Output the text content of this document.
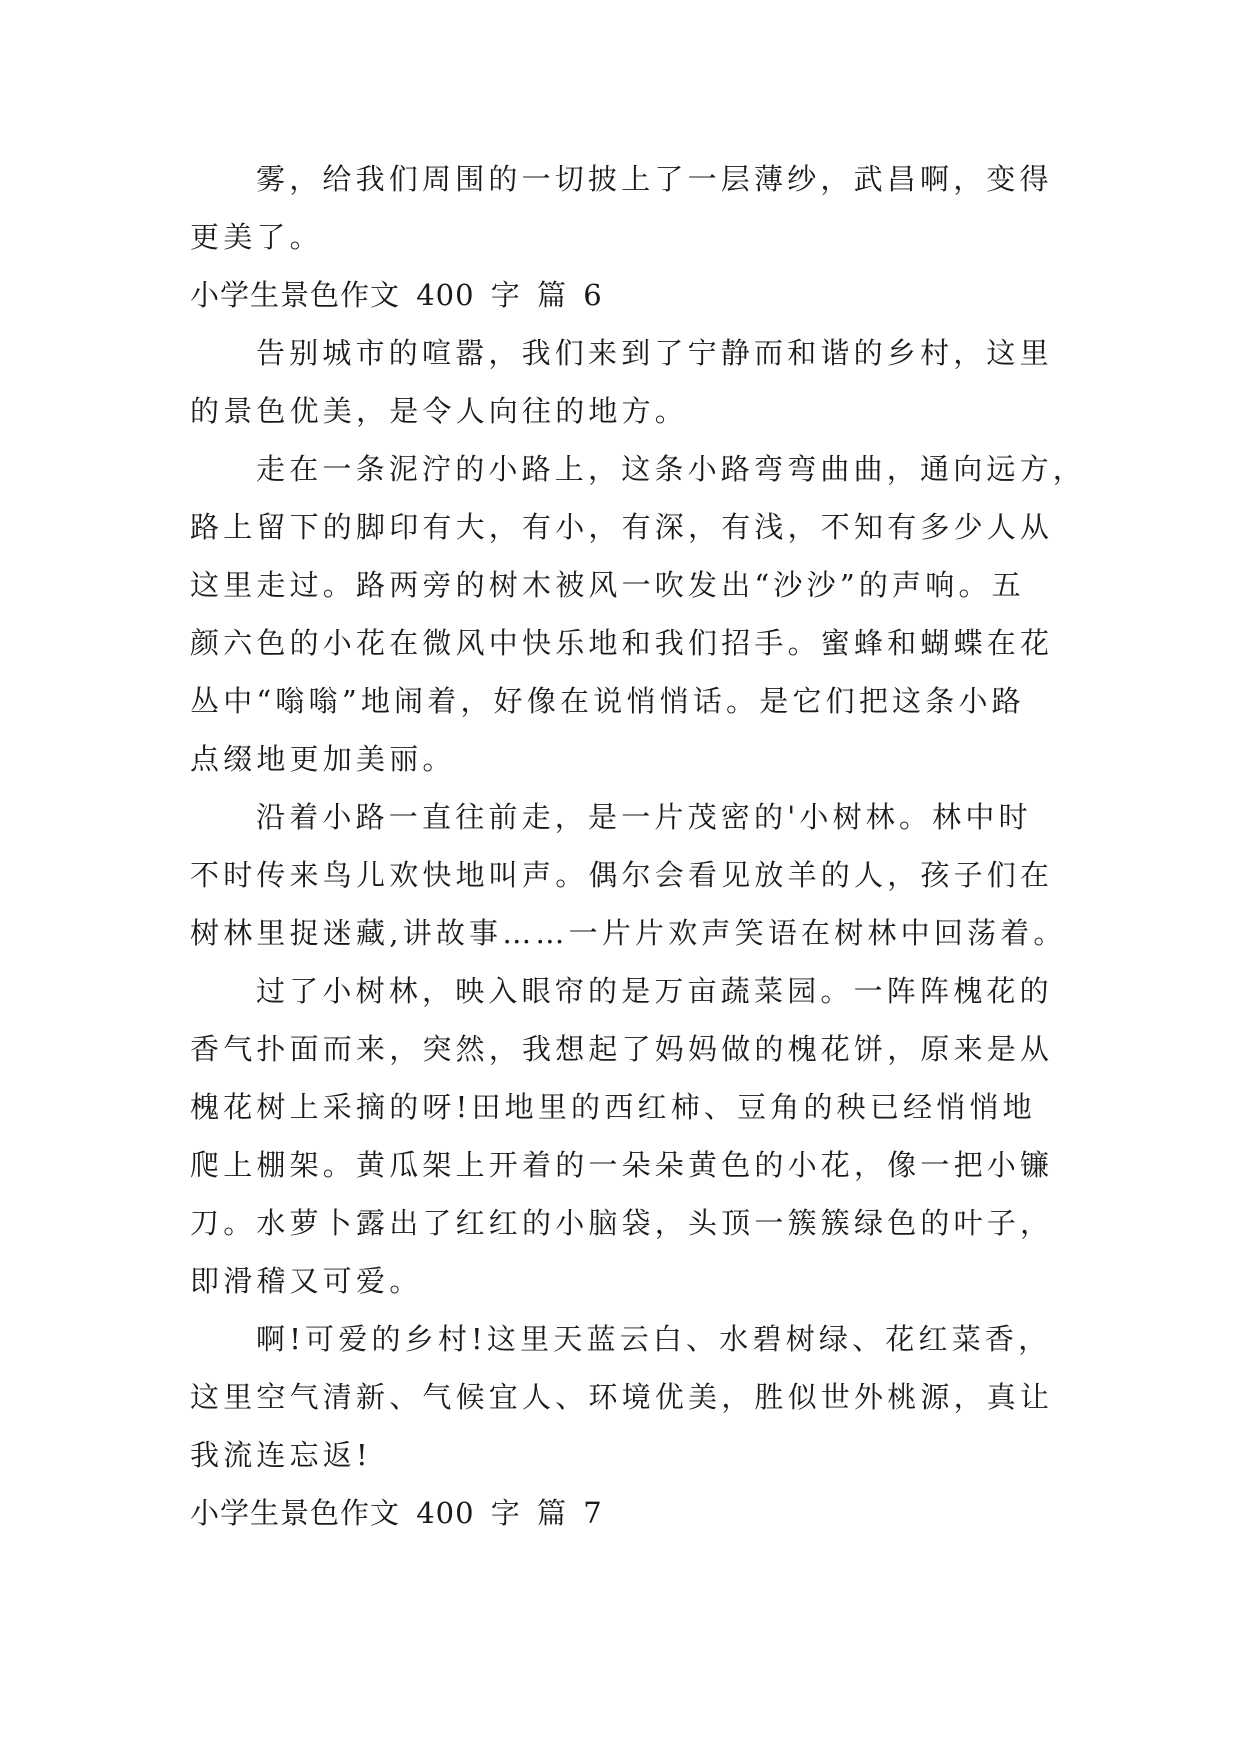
雾，给我们周围的一切披上了一层薄纱，武昌啊，变得
更美了。
小学生景色作文 400 字 篇 6
告别城市的喧嚣，我们来到了宁静而和谐的乡村，这里
的景色优美，是令人向往的地方。
走在一条泥泞的小路上，这条小路弯弯曲曲，通向远方，
路上留下的脚印有大，有小，有深，有浅，不知有多少人从
这里走过。路两旁的树木被风一吹发出“沙沙”的声响。五
颜六色的小花在微风中快乐地和我们招手。蜜蜂和蝴蝶在花
丛中“嗡嗡”地闹着，好像在说悄悄话。是它们把这条小路
点缀地更加美丽。
沿着小路一直往前走，是一片茂密的'小树林。林中时
不时传来鸟儿欢快地叫声。偶尔会看见放羊的人，孩子们在
树林里捉迷藏,讲故事……一片片欢声笑语在树林中回荡着。
过了小树林，映入眼帘的是万亩蔬菜园。一阵阵槐花的
香气扑面而来，突然，我想起了妈妈做的槐花饼，原来是从
槐花树上采摘的呀!田地里的西红柿、豆角的秧已经悄悄地
爬上棚架。黄瓜架上开着的一朵朵黄色的小花，像一把小镰
刀。水萝卜露出了红红的小脑袋，头顶一簇簇绿色的叶子，
即滑稽又可爱。
啊!可爱的乡村!这里天蓝云白、水碧树绿、花红菜香，
这里空气清新、气候宜人、环境优美，胜似世外桃源，真让
我流连忘返!
小学生景色作文 400 字 篇 7
